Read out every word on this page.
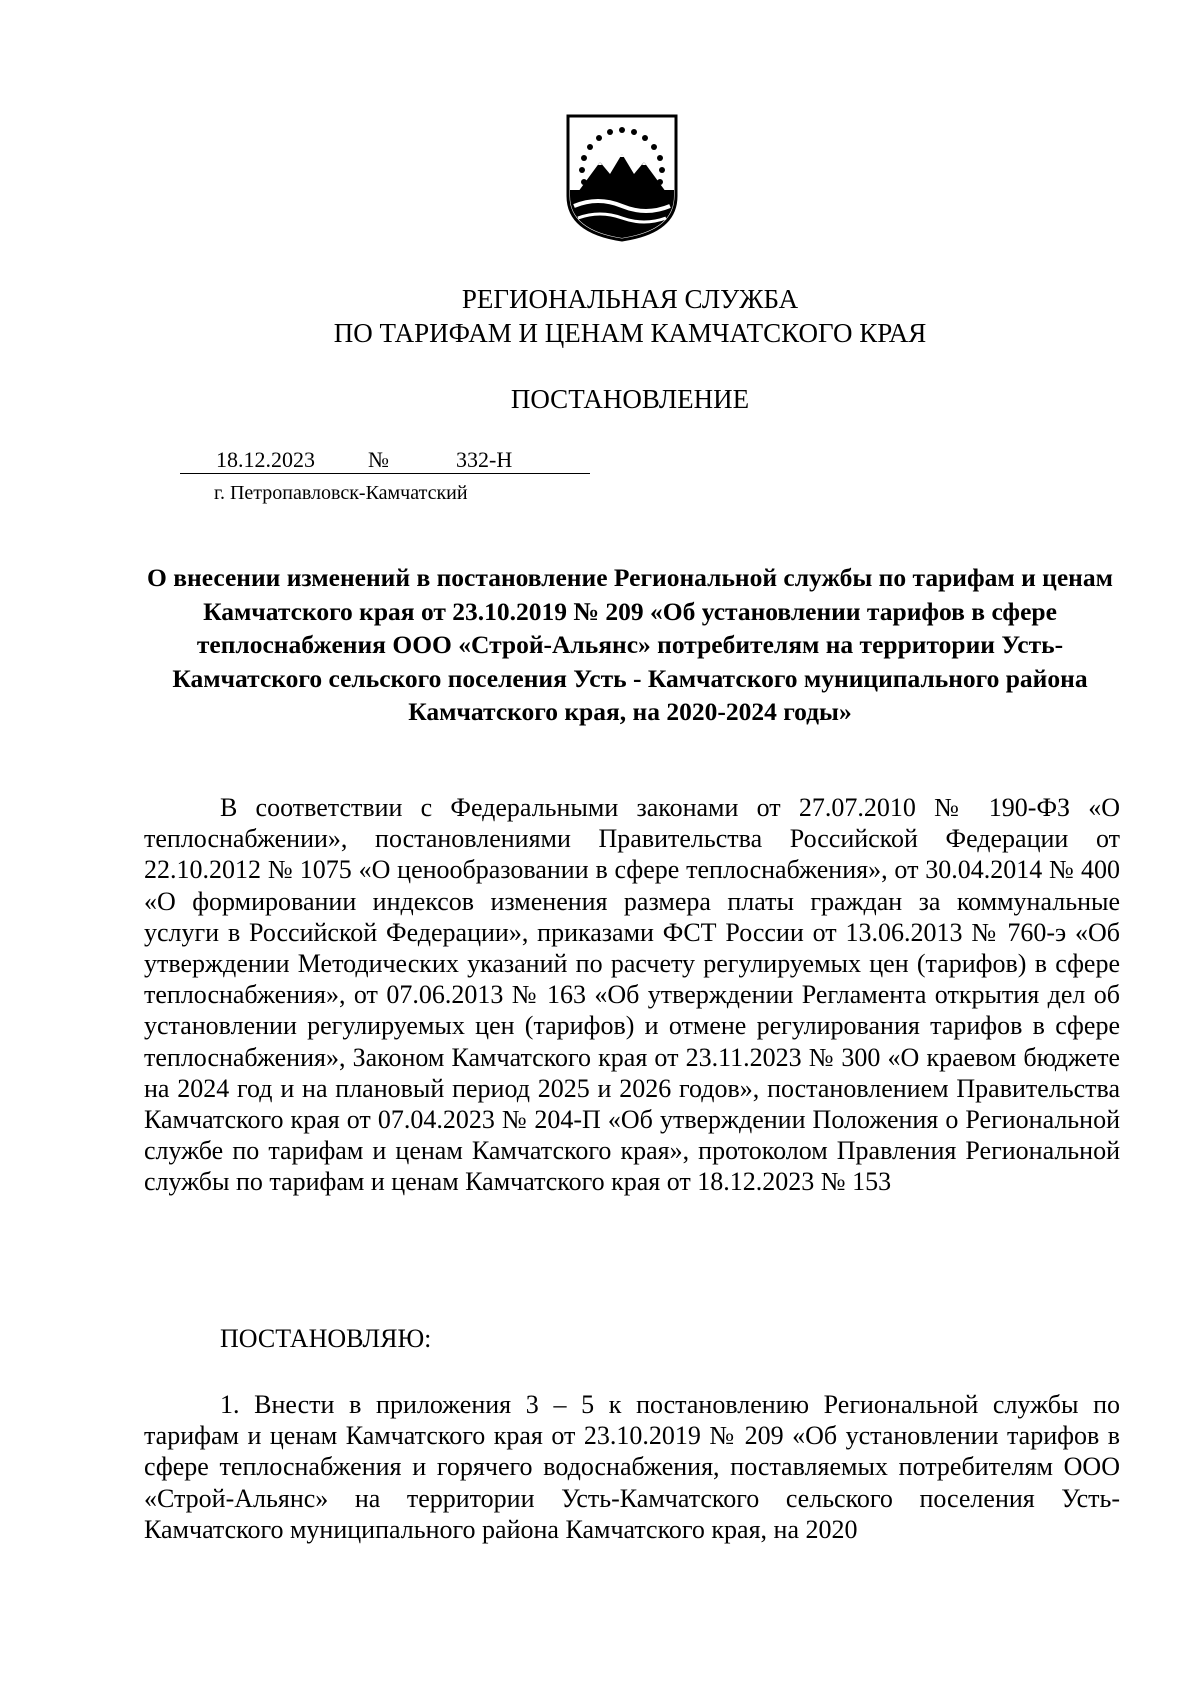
РЕГИОНАЛЬНАЯ СЛУЖБА
ПО ТАРИФАМ И ЦЕНАМ КАМЧАТСКОГО КРАЯ
ПОСТАНОВЛЕНИЕ
18.12.2023 №	332-Н
г. Петропавловск-Камчатский
О внесении изменений в постановление Региональной службы по тарифам и ценам Камчатского края от 23.10.2019 № 209 «Об установлении тарифов в сфере теплоснабжения ООО «Строй-Альянс» потребителям на территории Усть-Камчатского сельского поселения Усть - Камчатского муниципального района Камчатского края, на 2020-2024 годы»
В соответствии с Федеральными законами от 27.07.2010 № 190-ФЗ «О теплоснабжении», постановлениями Правительства Российской Федерации от 22.10.2012 № 1075 «О ценообразовании в сфере теплоснабжения», от 30.04.2014 № 400 «О формировании индексов изменения размера платы граждан за коммунальные услуги в Российской Федерации», приказами ФСТ России от 13.06.2013 № 760-э «Об утверждении Методических указаний по расчету регулируемых цен (тарифов) в сфере теплоснабжения», от 07.06.2013 № 163 «Об утверждении Регламента открытия дел об установлении регулируемых цен (тарифов) и отмене регулирования тарифов в сфере теплоснабжения», Законом Камчатского края от 23.11.2023 № 300 «О краевом бюджете на 2024 год и на плановый период 2025 и 2026 годов», постановлением Правительства Камчатского края от 07.04.2023 № 204-П «Об утверждении Положения о Региональной службе по тарифам и ценам Камчатского края», протоколом Правления Региональной службы по тарифам и ценам Камчатского края от 18.12.2023 № 153
ПОСТАНОВЛЯЮ:
1. Внести в приложения 3 – 5 к постановлению Региональной службы по тарифам и ценам Камчатского края от 23.10.2019 № 209 «Об установлении тарифов в сфере теплоснабжения и горячего водоснабжения, поставляемых потребителям ООО «Строй-Альянс» на территории Усть-Камчатского сельского поселения Усть-Камчатского муниципального района Камчатского края, на 2020
